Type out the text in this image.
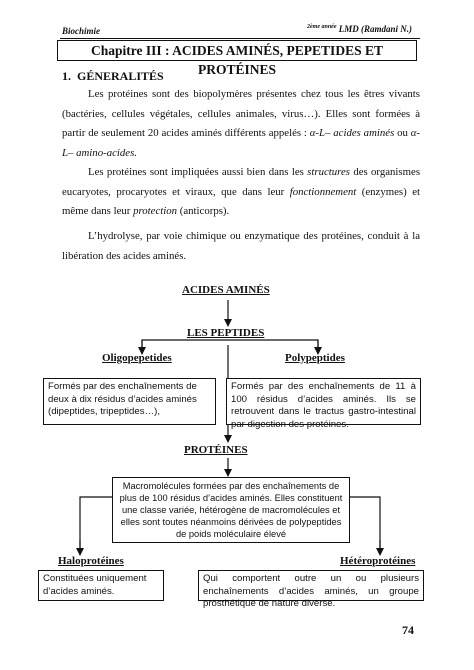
Biochimie	$^{2ème année}$ LMD (Ramdani N.)
Chapitre III : ACIDES AMINÉS, PEPETIDES ET PROTÉINES
1. GÉNERALITÉS
Les protéines sont des biopolymères présentes chez tous les êtres vivants (bactéries, cellules végétales, cellules animales, virus…). Elles sont formées à partir de seulement 20 acides aminés différents appelés : α-L– acides aminés ou α-L– amino-acides.
Les protéines sont impliquées aussi bien dans les structures des organismes eucaryotes, procaryotes et viraux, que dans leur fonctionnement (enzymes) et même dans leur protection (anticorps).
L’hydrolyse, par voie chimique ou enzymatique des protéines, conduit à la libération des acides aminés.
ACIDES AMINÉS
LES PEPTIDES
Oligopepetides	Polypeptides
Formés par des enchaînements de deux à dix résidus d’acides aminés (dipeptides, tripeptides…),
Formés par des enchaînements de 11 à 100 résidus d’acides aminés. Ils se retrouvent dans le tractus gastro-intestinal par digestion des protéines.
PROTÉINES
Macromolécules formées par des enchaînements de plus de 100 résidus d’acides aminés. Elles constituent une classe variée, hétérogène de macromolécules et elles sont toutes néanmoins dérivées de polypeptides de poids moléculaire élevé
Haloprotéines	Hétéroprotéines
Constituées uniquement d’acides aminés.
Qui comportent outre un ou plusieurs enchaînements d’acides aminés, un groupe prosthétique de nature diverse.
74
